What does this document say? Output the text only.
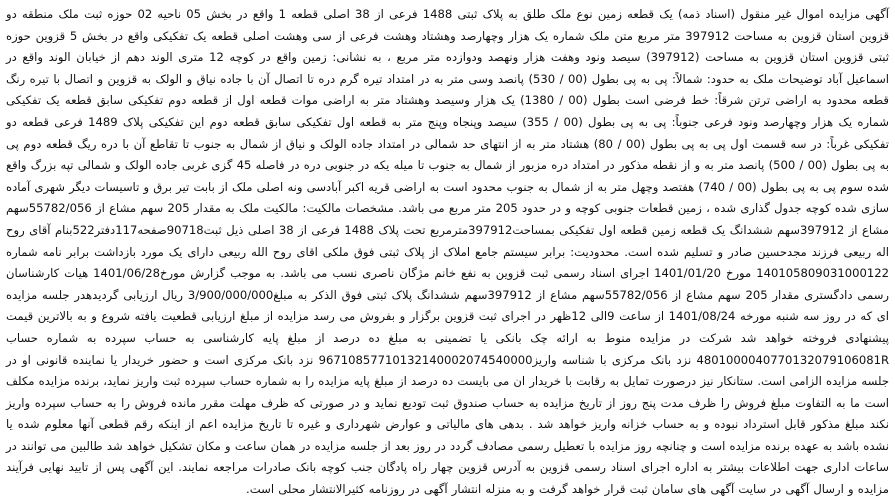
آگهی مزایده اموال غیر منقول (اسناد ذمه) یک قطعه زمین نوع ملک طلق به پلاک ثبتی 1488 فرعی از 38 اصلی قطعه 1 واقع در بخش 05 ناحیه 02 حوزه ثبت ملک منطقه دو قزوین استان قزوین به مساحت 397912 متر مربع متن ملک شماره یک هزار وچهارصد وهشتاد وهشت فرعی از سی وهشت اصلی قطعه یک تفکیکی واقع در بخش 5 قزوین حوزه ثبتی قزوین استان قزوین به مساحت (397912) سیصد ونود وهفت هزار ونهصد ودوازده متر مربع ، به نشانی: زمین واقع در کوچه 12 متری الوند دهم از خیابان الوند واقع در اسماعیل آباد توضیحات ملک به حدود: شمالاً: پی به پی بطول (00 / 530) پانصد وسی متر به در امتداد تیره گرم دره تا اتصال آن با جاده نیاق و الولک به قزوین و اتصال با تیره رنگ قطعه محدود به اراضی ترتن شرقاً: خط فرضی است بطول (00 / 1380) یک هزار وسیصد وهشتاد متر به اراضی موات قطعه اول از قطعه دوم تفکیکی سابق قطعه یک تفکیکی شماره یک هزار وچهارصد ونود فرعی جنوباً: پی به پی بطول (00 / 355) سیصد وپنجاه وپنج متر به قطعه اول تفکیکی سابق قطعه دوم این تفکیکی پلاک 1489 فرعی قطعه دو تفکیکی غرباً: در سه قسمت اول پی به پی بطول (00 / 80) هشتاد متر به از انتهای حد شمالی در امتداد جاده الولک و نیاق از شمال به جنوب تا تقاطع آن با دره ریگ قطعه دوم پی به پی بطول (00 / 500) پانصد متر به و از نقطه مذکور در امتداد دره مزبور از شمال به جنوب تا میله یکه در جنوبی دره در فاصله 45 گزی غربی جاده الولک و شمالی تپه بزرگ واقع شده سوم پی به پی بطول (00 / 740) هفتصد وچهل متر به از شمال به جنوب محدود است به اراضی قریه اکبر آبادسی ونه اصلی ملک از بابت تیر برق و تاسیسات دیگر شهری آماده سازی شده کوچه جدول گذاری شده ، زمین قطعات جنوبی کوچه و در حدود 205 متر مربع می باشد. مشخصات مالکیت: مالکیت ملک به مقدار 205 سهم مشاع از 55782/056سهم مشاع از 397912سهم ششدانگ یک قطعه زمین قطعه اول تفکیکی بمساحت397912مترمربع تحت پلاک 1488 فرعی از 38 اصلی ذیل ثبت90718صفحه117دفتر522بنام آقای روح اله ربیعی فرزند مجدحسین صادر و تسلیم شده است. محدودیت: برابر سیستم جامع املاک از پلاک ثبتی فوق ملکی اقای روح الله ربیعی دارای یک مورد بازداشت برابر نامه شماره 140105809031000122 مورخ 1401/01/20 اجرای اسناد رسمی ثبت قزوین به نفع خانم مژگان ناصری نسب می باشد. به موجب گزارش مورخ1401/06/28 هیات کارشناسان رسمی دادگستری مقدار 205 سهم مشاع از 55782/056سهم مشاع از 397912سهم ششدانگ پلاک ثبتی فوق الذکر به مبلغ3/900/000/000 ریال ارزیابی گردیدهدر جلسه مزایده ای که در روز سه شنبه مورخه 1401/08/24 از ساعت 9الی 12ظهر در اجرای ثبت قزوین برگزار و بفروش می رسد مزایده از مبلغ ارزیابی قطعیت یافته شروع و به بالاترین قیمت پیشنهادی فروخته خواهد شد شرکت در مزایده منوط به ارائه چک بانکی یا تضمینی به مبلغ ده درصد از مبلغ پایه کارشناسی به حساب سپرده به شماره حساب 4801000040770132079106081R نزد بانک مرکزی با شناسه واریز96710857710132140002074540000 نزد بانک مرکزی است و حضور خریدار یا نماینده قانونی او در جلسه مزایده الزامی است. ستانکار نیز درصورت تمایل به رقابت با خریدار ان می بایست ده درصد از مبلغ پایه مزایده را به شماره حساب سپرده ثبت واریز نماید، برنده مزایده مکلف است ما به التفاوت مبلغ فروش را ظرف مدت پنج روز از تاریخ مزایده به حساب صندوق ثبت تودیع نماید و در صورتی که ظرف مهلت مقرر مانده فروش را به حساب سپرده واریز نکند مبلغ مذکور قابل استرداد نبوده و به حساب خزانه واریز خواهد شد . بدهی های مالیاتی و عوارض شهرداری و غیره تا تاریخ مزایده اعم از اینکه رقم قطعی آنها معلوم شده یا نشده باشد به عهده برنده مزایده است و چنانچه روز مزایده با تعطیل رسمی مصادف گردد در روز بعد از جلسه مزایده در همان ساعت و مکان تشکیل خواهد شد طالبین می توانند در ساعات اداری جهت اطلاعات بیشتر به اداره اجرای اسناد رسمی قزوین به آدرس قزوین چهار راه پادگان جنب کوچه بانک صادرات مراجعه نمایند. این آگهی پس از تایید نهایی فرآیند مزایده و ارسال آگهی در سایت آگهی های سامان ثبت قرار خواهد گرفت و به منزله انتشار آگهی در روزنامه کثیرالانتشار محلی است.
